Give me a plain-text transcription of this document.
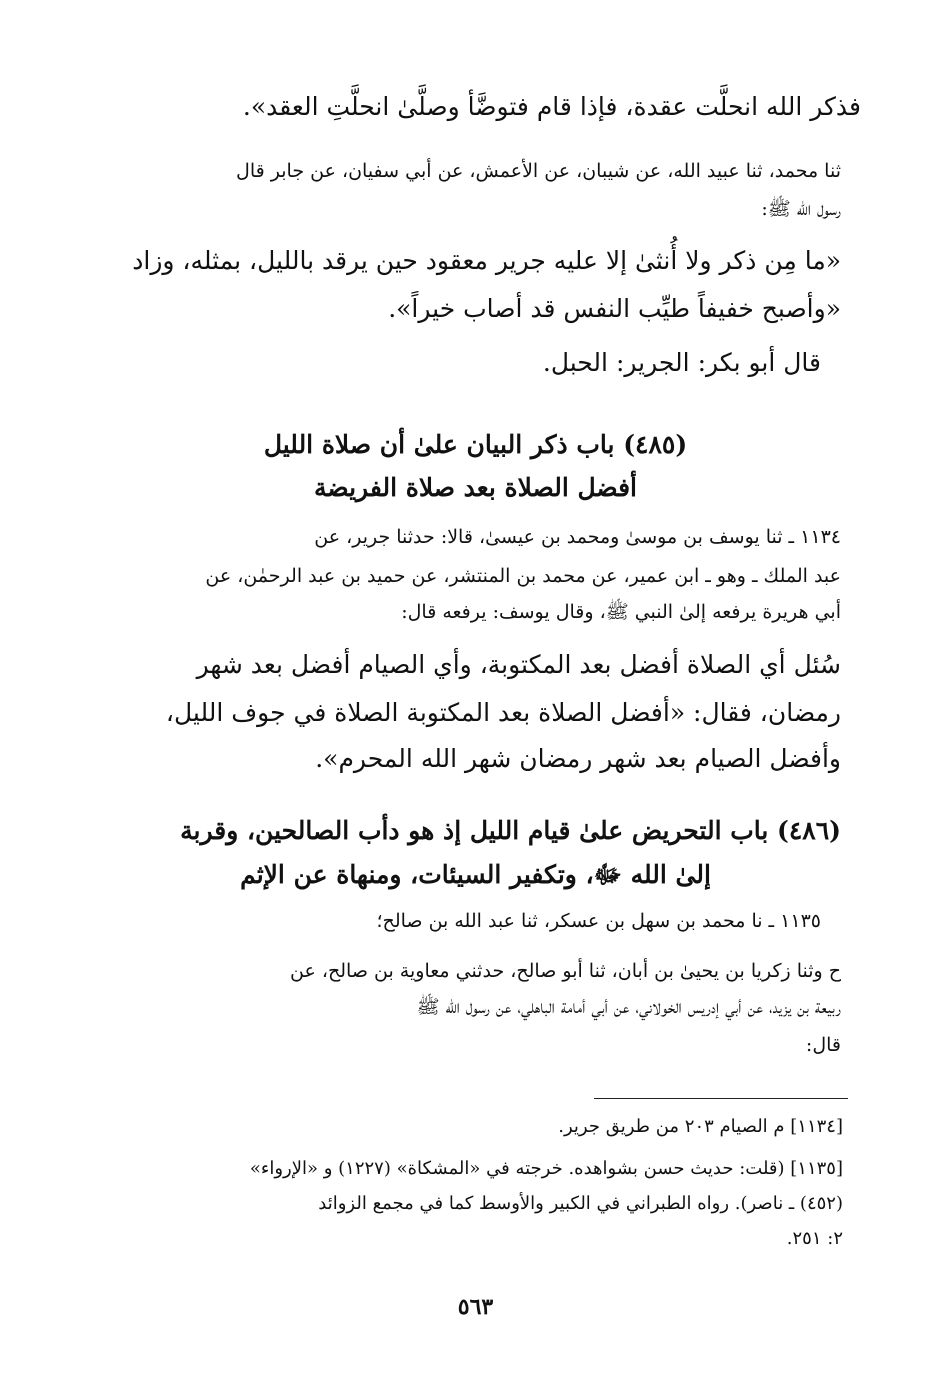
فذكر الله انحلَّت عقدة، فإذا قام فتوضَّأ وصلَّىٰ انحلَّتِ العقد».
ثنا محمد، ثنا عبيد الله، عن شيبان، عن الأعمش، عن أبي سفيان، عن جابر قال
رسول الله ﷺ:
«ما مِن ذكر ولا أُنثىٰ إلا عليه جرير معقود حين يرقد بالليل، بمثله، وزاد
«وأصبح خفيفاً طيِّب النفس قد أصاب خيراً».
قال أبو بكر: الجرير: الحبل.
(٤٨٥) باب ذكر البيان علىٰ أن صلاة الليل
أفضل الصلاة بعد صلاة الفريضة
١١٣٤ ـ ثنا يوسف بن موسىٰ ومحمد بن عيسىٰ، قالا: حدثنا جرير، عن
عبد الملك ـ وهو ـ ابن عمير، عن محمد بن المنتشر، عن حميد بن عبد الرحمٰن، عن
أبي هريرة يرفعه إلىٰ النبي ﷺ، وقال يوسف: يرفعه قال:
سُئل أي الصلاة أفضل بعد المكتوبة، وأي الصيام أفضل بعد شهر
رمضان، فقال: «أفضل الصلاة بعد المكتوبة الصلاة في جوف الليل،
وأفضل الصيام بعد شهر رمضان شهر الله المحرم».
(٤٨٦) باب التحريض علىٰ قيام الليل إذ هو دأب الصالحين، وقربة
إلىٰ الله ﷻ، وتكفير السيئات، ومنهاة عن الإثم
١١٣٥ ـ نا محمد بن سهل بن عسكر، ثنا عبد الله بن صالح؛
ح وثنا زكريا بن يحيىٰ بن أبان، ثنا أبو صالح، حدثني معاوية بن صالح، عن
ربيعة بن يزيد، عن أبي إدريس الخولاني، عن أبي أمامة الباهلي، عن رسول الله ﷺ
قال:
[١١٣٤] م الصيام ٢٠٣ من طريق جرير.
[١١٣٥] (قلت: حديث حسن بشواهده. خرجته في «المشكاة» (١٢٢٧) و «الإرواء»
(٤٥٢) ـ ناصر). رواه الطبراني في الكبير والأوسط كما في مجمع الزوائد
٢: ٢٥١.
٥٦٣
